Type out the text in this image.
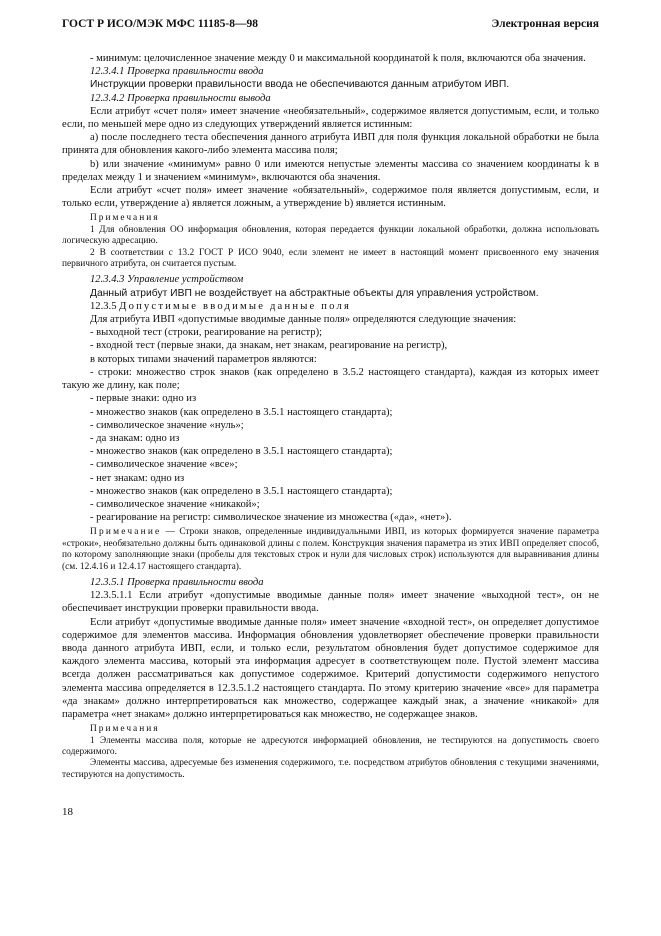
ГОСТ Р ИСО/МЭК МФС 11185-8—98	Электронная версия

- минимум: целочисленное значение между 0 и максимальной координатой k поля, включаются оба значения.

12.3.4.1 Проверка правильности ввода

Инструкции проверки правильности ввода не обеспечиваются данным атрибутом ИВП.

12.3.4.2 Проверка правильности вывода

Если атрибут «счет поля» имеет значение «необязательный», содержимое является допустимым, если, и только если, по меньшей мере одно из следующих утверждений является истинным:

a) после последнего теста обеспечения данного атрибута ИВП для поля функция локальной обработки не была принята для обновления какого-либо элемента массива поля;

b) или значение «минимум» равно 0 или имеются непустые элементы массива со значением координаты k в пределах между 1 и значением «минимум», включаются оба значения.

Если атрибут «счет поля» имеет значение «обязательный», содержимое поля является допустимым, если, и только если, утверждение а) является ложным, а утверждение b) является истинным.

Примечания

1 Для обновления ОО информация обновления, которая передается функции локальной обработки, должна использовать логическую адресацию.

2 В соответствии с 13.2 ГОСТ Р ИСО 9040, если элемент не имеет в настоящий момент присвоенного ему значения первичного атрибута, он считается пустым.

12.3.4.3 Управление устройством

Данный атрибут ИВП не воздействует на абстрактные объекты для управления устройством.

12.3.5 Допустимые вводимые данные поля

Для атрибута ИВП «допустимые вводимые данные поля» определяются следующие значения:

- выходной тест (строки, реагирование на регистр);

- входной тест (первые знаки, да знакам, нет знакам, реагирование на регистр),

в которых типами значений параметров являются:

- строки: множество строк знаков (как определено в 3.5.2 настоящего стандарта), каждая из которых имеет такую же длину, как поле;

- первые знаки: одно из

- множество знаков (как определено в 3.5.1 настоящего стандарта);

- символическое значение «нуль»;

- да знакам: одно из

- множество знаков (как определено в 3.5.1 настоящего стандарта);

- символическое значение «все»;

- нет знакам: одно из

- множество знаков (как определено в 3.5.1 настоящего стандарта);

- символическое значение «никакой»;

- реагирование на регистр: символическое значение из множества («да», «нет»).

Примечание — Строки знаков, определенные индивидуальными ИВП, из которых формируется значение параметра «строки», необязательно должны быть одинаковой длины с полем. Конструкция значения параметра из этих ИВП определяет способ, по которому заполняющие знаки (пробелы для текстовых строк и нули для числовых строк) используются для выравнивания длины (см. 12.4.16 и 12.4.17 настоящего стандарта).

12.3.5.1 Проверка правильности ввода

12.3.5.1.1 Если атрибут «допустимые вводимые данные поля» имеет значение «выходной тест», он не обеспечивает инструкции проверки правильности ввода.

Если атрибут «допустимые вводимые данные поля» имеет значение «входной тест», он определяет допустимое содержимое для элементов массива. Информация обновления удовлетворяет обеспечение проверки правильности ввода данного атрибута ИВП, если, и только если, результатом обновления будет допустимое содержимое для каждого элемента массива, который эта информация адресует в соответствующем поле. Пустой элемент массива всегда должен рассматриваться как допустимое содержимое. Критерий допустимости содержимого непустого элемента массива определяется в 12.3.5.1.2 настоящего стандарта. По этому критерию значение «все» для параметра «да знакам» должно интерпретироваться как множество, содержащее каждый знак, а значение «никакой» для параметра «нет знакам» должно интерпретироваться как множество, не содержащее знаков.

Примечания

1 Элементы массива поля, которые не адресуются информацией обновления, не тестируются на допустимость своего содержимого.

Элементы массива, адресуемые без изменения содержимого, т.е. посредством атрибутов обновления с текущими значениями, тестируются на допустимость.

18
